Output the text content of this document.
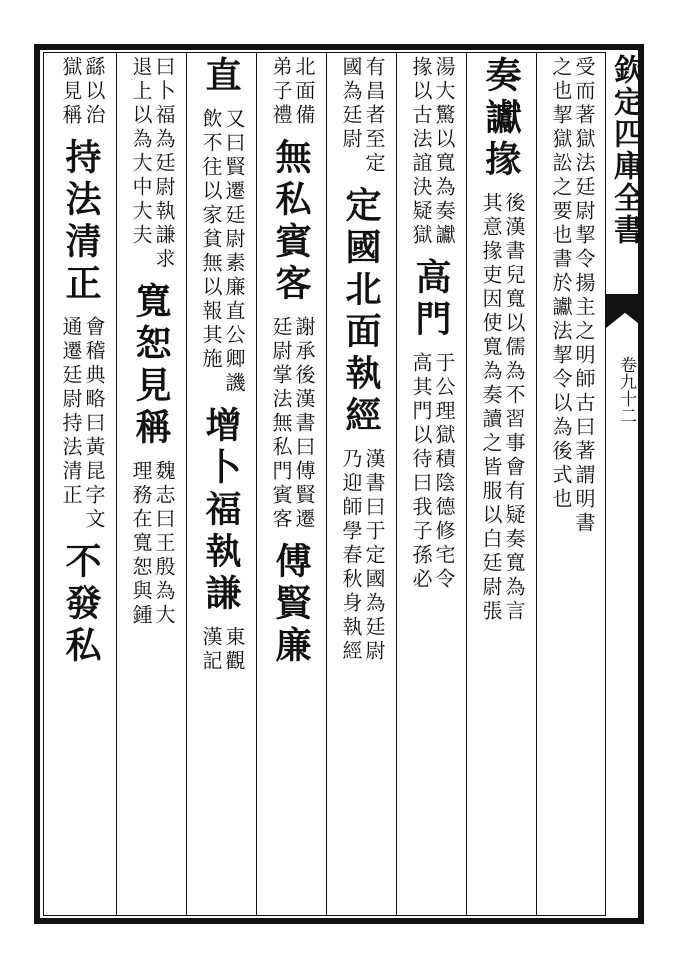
欽定四庫全書
卷九十二
受而著獄法廷尉挈令揚主之明師古曰著謂明書
之也挈獄訟之要也書於讞法挈令以為後式也
奏讞掾
後漢書兒寬以儒為不習事會有疑奏寬為言
其意掾吏因使寬為奏讀之皆服以白廷尉張
湯大驚以寬為奏讞
掾以古法誼決疑獄
高門
于公理獄積陰德修宅令
高其門以待曰我子孫必
有昌者至定
國為廷尉
定國北面執經
漢書曰于定國為廷尉
乃迎師學春秋身執經
北面備
弟子禮
無私賓客
謝承後漢書曰傅賢遷
廷尉掌法無私門賓客
傅賢廉
直
又曰賢遷廷尉素廉直公卿譏
飲不往以家貧無以報其施
增卜福執謙
東觀
漢記
曰卜福為廷尉執謙求
退上以為大中大夫
寬恕見稱
魏志曰王殷為大
理務在寬恕與鍾
繇以治
獄見稱
持法清正
會稽典略曰黃昆字文
通遷廷尉持法清正
不發私
